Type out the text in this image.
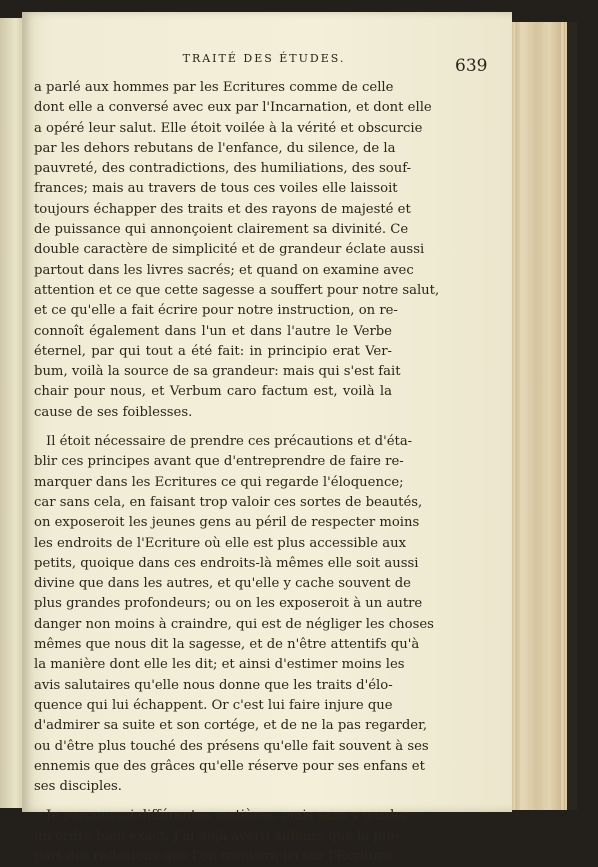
TRAITÉ DES ÉTUDES.	639
a parlé aux hommes par les Ecritures comme de celle
dont elle a conversé avec eux par l'Incarnation, et dont elle
a opéré leur salut. Elle étoit voilée à la vérité et obscurcie
par les dehors rebutans de l'enfance, du silence, de la
pauvreté, des contradictions, des humiliations, des souf-
frances; mais au travers de tous ces voiles elle laissoit
toujours échapper des traits et des rayons de majesté et
de puissance qui annonçoient clairement sa divinité. Ce
double caractère de simplicité et de grandeur éclate aussi
partout dans les livres sacrés; et quand on examine avec
attention et ce que cette sagesse a souffert pour notre salut,
et ce qu'elle a fait écrire pour notre instruction, on re-
connoît également dans l'un et dans l'autre le Verbe
éternel, par qui tout a été fait: in principio erat Ver-
bum, voilà la source de sa grandeur: mais qui s'est fait
chair pour nous, et Verbum caro factum est, voilà la
cause de ses foiblesses.
Il étoit nécessaire de prendre ces précautions et d'éta-
blir ces principes avant que d'entreprendre de faire re-
marquer dans les Ecritures ce qui regarde l'éloquence;
car sans cela, en faisant trop valoir ces sortes de beautés,
on exposeroit les jeunes gens au péril de respecter moins
les endroits de l'Ecriture où elle est plus accessible aux
petits, quoique dans ces endroits-là mêmes elle soit aussi
divine que dans les autres, et qu'elle y cache souvent de
plus grandes profondeurs; ou on les exposeroit à un autre
danger non moins à craindre, qui est de négliger les choses
mêmes que nous dit la sagesse, et de n'être attentifs qu'à
la manière dont elle les dit; et ainsi d'estimer moins les
avis salutaires qu'elle nous donne que les traits d'élo-
quence qui lui échappent. Or c'est lui faire injure que
d'admirer sa suite et son cortége, et de ne la pas regarder,
ou d'être plus touché des présens qu'elle fait souvent à ses
ennemis que des grâces qu'elle réserve pour ses enfans et
ses disciples.
Je parcourrai différentes matières, mais sans y garder
un ordre bien exact. J'ai déjà averti ailleurs que la plu-
part des réflexions que l'on trouvera ici sur l'Ecriture
